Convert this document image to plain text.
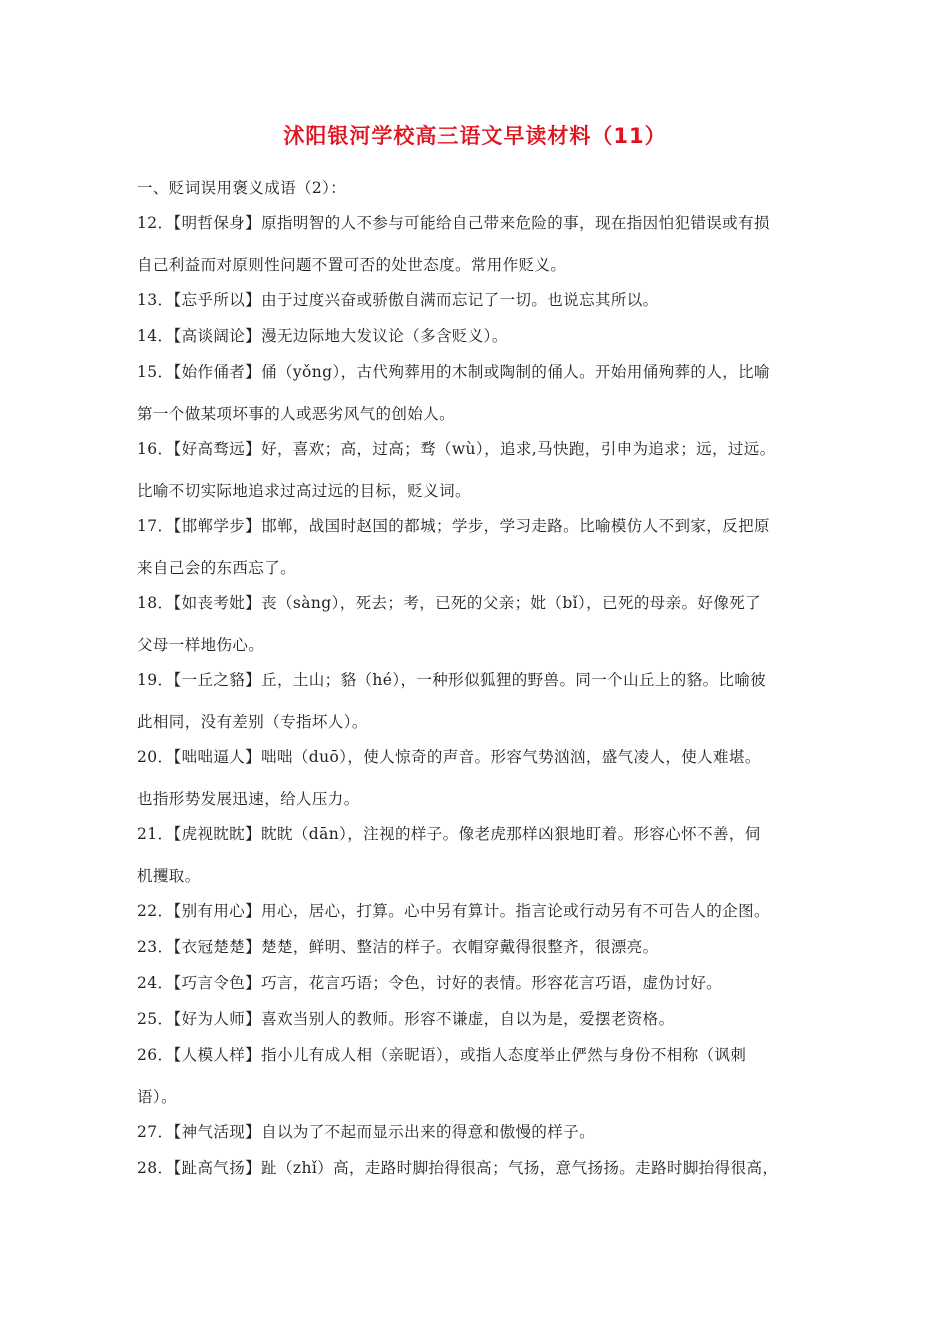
沭阳银河学校高三语文早读材料（11）
一、贬词误用褒义成语（2）：
12．【明哲保身】原指明智的人不参与可能给自己带来危险的事，现在指因怕犯错误或有损
自己利益而对原则性问题不置可否的处世态度。常用作贬义。
13．【忘乎所以】由于过度兴奋或骄傲自满而忘记了一切。也说忘其所以。
14．【高谈阔论】漫无边际地大发议论（多含贬义）。
15．【始作俑者】俑（yǒng），古代殉葬用的木制或陶制的俑人。开始用俑殉葬的人，比喻
第一个做某项坏事的人或恶劣风气的创始人。
16．【好高骛远】好，喜欢；高，过高；骛（wù），追求,马快跑，引申为追求；远，过远。
比喻不切实际地追求过高过远的目标，贬义词。
17．【邯郸学步】邯郸，战国时赵国的都城；学步，学习走路。比喻模仿人不到家，反把原
来自己会的东西忘了。
18．【如丧考妣】丧（sàng），死去；考，已死的父亲；妣（bǐ），已死的母亲。好像死了
父母一样地伤心。
19．【一丘之貉】丘，土山；貉（hé），一种形似狐狸的野兽。同一个山丘上的貉。比喻彼
此相同，没有差别（专指坏人）。
20．【咄咄逼人】咄咄（duō），使人惊奇的声音。形容气势汹汹，盛气凌人，使人难堪。
也指形势发展迅速，给人压力。
21．【虎视眈眈】眈眈（dān），注视的样子。像老虎那样凶狠地盯着。形容心怀不善，伺
机攫取。
22．【别有用心】用心，居心，打算。心中另有算计。指言论或行动另有不可告人的企图。
23．【衣冠楚楚】楚楚，鲜明、整洁的样子。衣帽穿戴得很整齐，很漂亮。
24．【巧言令色】巧言，花言巧语；令色，讨好的表情。形容花言巧语，虚伪讨好。
25．【好为人师】喜欢当别人的教师。形容不谦虚，自以为是，爱摆老资格。
26．【人模人样】指小儿有成人相（亲昵语），或指人态度举止俨然与身份不相称（讽刺
语）。
27．【神气活现】自以为了不起而显示出来的得意和傲慢的样子。
28．【趾高气扬】趾（zhǐ）高，走路时脚抬得很高；气扬，意气扬扬。走路时脚抬得很高，
